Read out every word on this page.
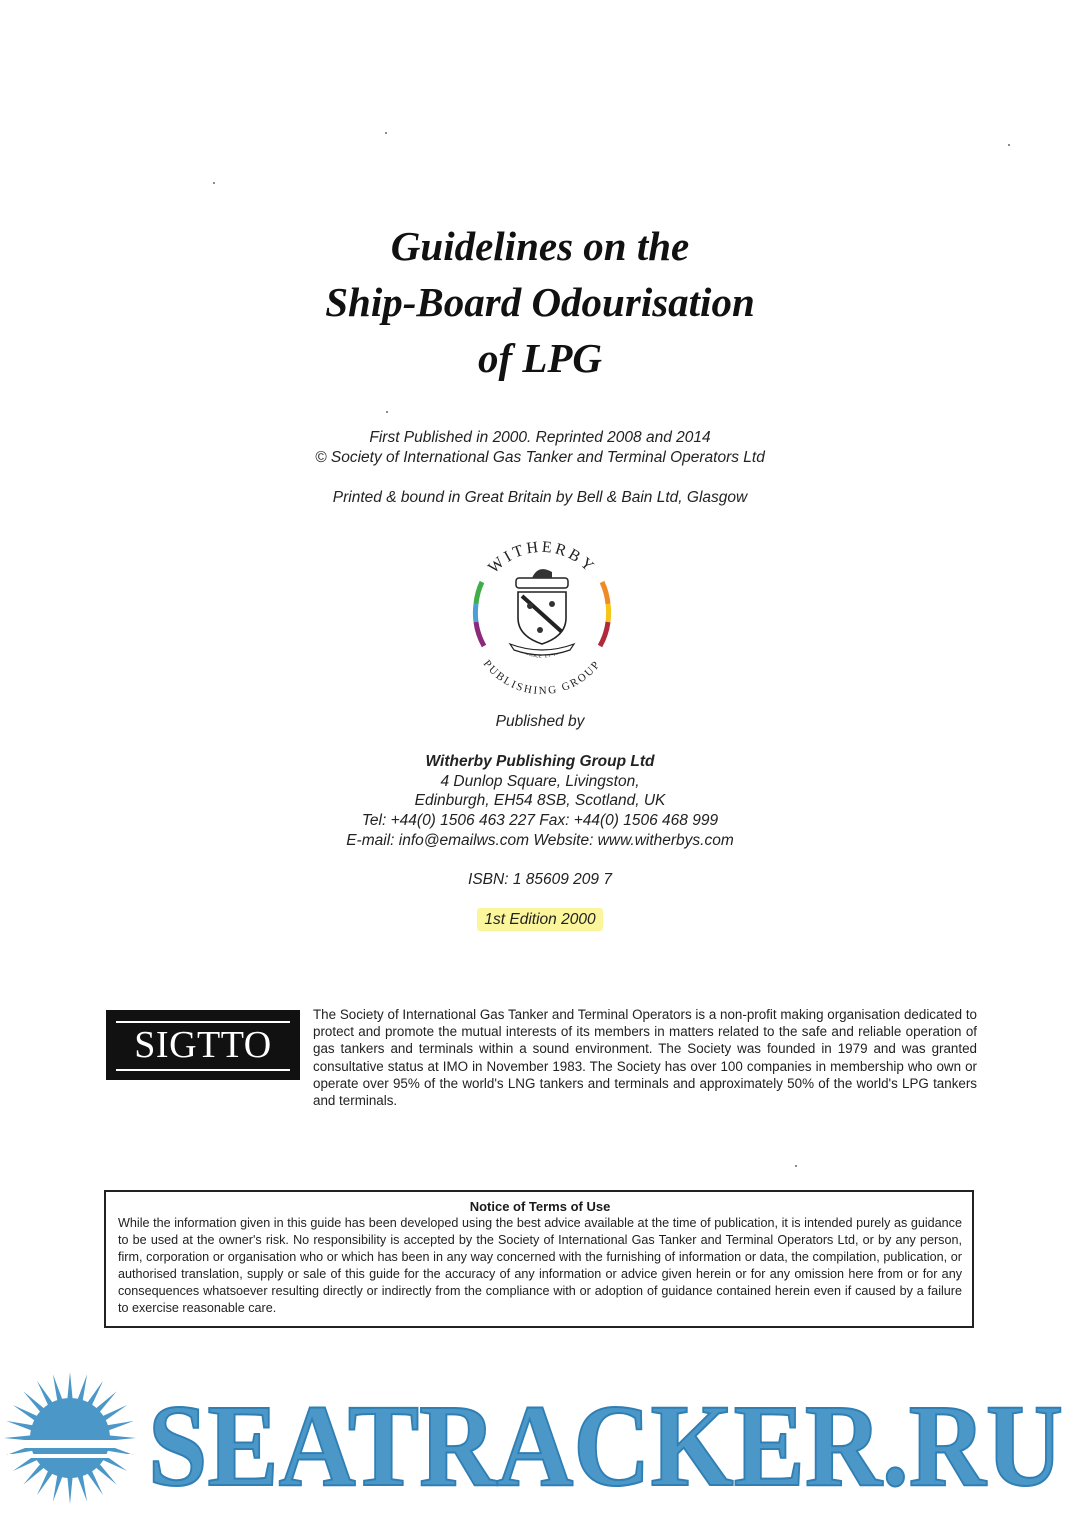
Guidelines on the
Ship-Board Odourisation
of LPG
First Published in 2000. Reprinted 2008 and 2014
© Society of International Gas Tanker and Terminal Operators Ltd
Printed & bound in Great Britain by Bell & Bain Ltd, Glasgow
WITHERBY
PUBLISHING GROUP
Published by
Witherby Publishing Group Ltd
4 Dunlop Square, Livingston,
Edinburgh, EH54 8SB, Scotland, UK
Tel: +44(0) 1506 463 227 Fax: +44(0) 1506 468 999
E-mail: info@emailws.com Website: www.witherbys.com
ISBN: 1 85609 209 7
1st Edition 2000
SIGTTO
The Society of International Gas Tanker and Terminal Operators is a non-profit making organisation dedicated to protect and promote the mutual interests of its members in matters related to the safe and reliable operation of gas tankers and terminals within a sound environment. The Society was founded in 1979 and was granted consultative status at IMO in November 1983. The Society has over 100 companies in membership who own or operate over 95% of the world's LNG tankers and terminals and approximately 50% of the world's LPG tankers and terminals.
Notice of Terms of Use
While the information given in this guide has been developed using the best advice available at the time of publication, it is intended purely as guidance to be used at the owner's risk. No responsibility is accepted by the Society of International Gas Tanker and Terminal Operators Ltd, or by any person, firm, corporation or organisation who or which has been in any way concerned with the furnishing of information or data, the compilation, publication, or authorised translation, supply or sale of this guide for the accuracy of any information or advice given herein or for any omission here from or for any consequences whatsoever resulting directly or indirectly from the compliance with or adoption of guidance contained herein even if caused by a failure to exercise reasonable care.
SEATRACKER.RU
